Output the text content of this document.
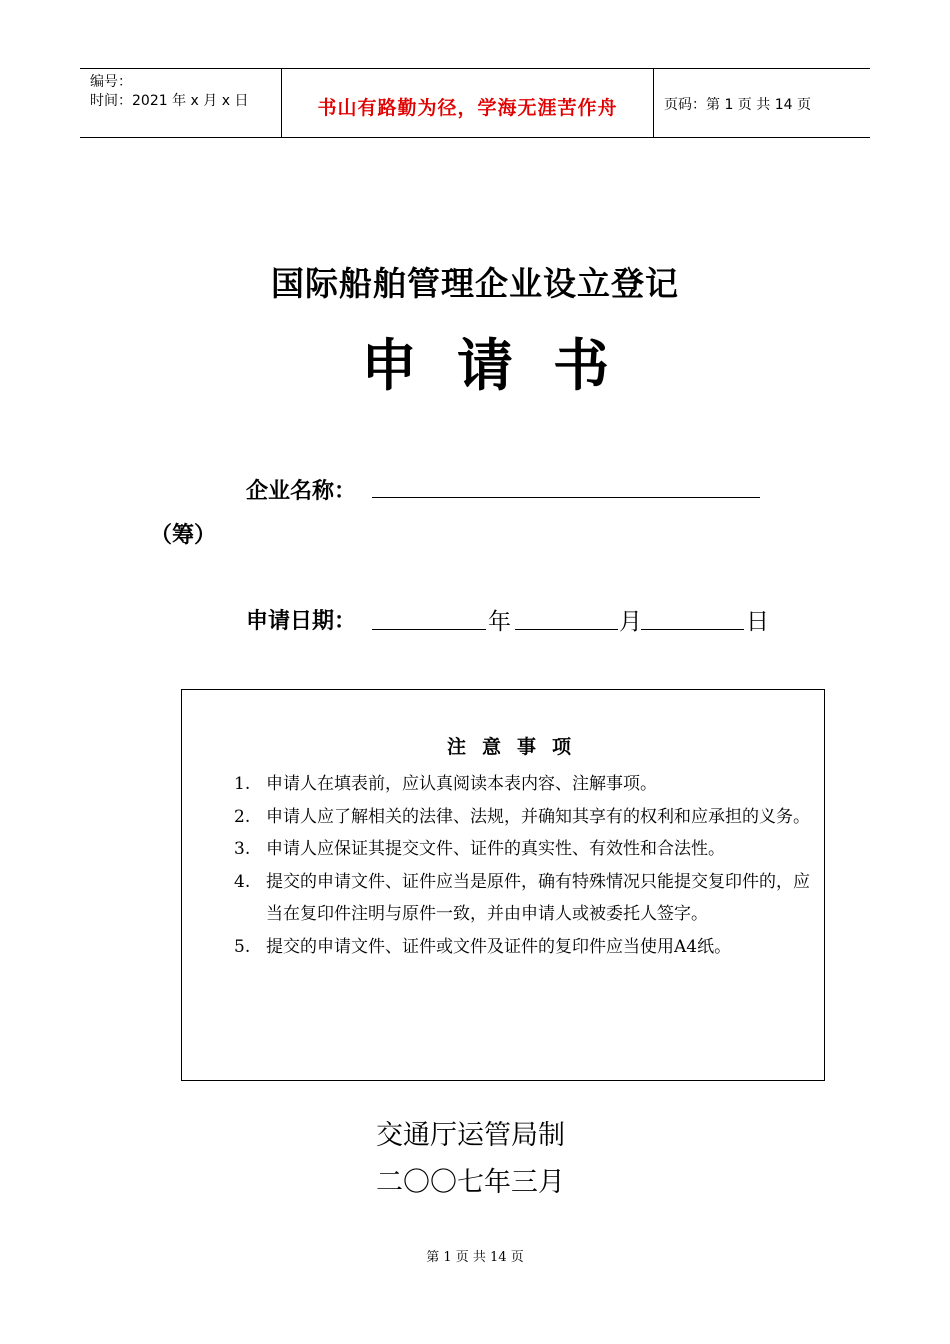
编号：
时间：2021 年 x 月 x 日	书山有路勤为径，学海无涯苦作舟	页码：第 1 页 共 14 页
国际船舶管理企业设立登记
申请书
企业名称：
（筹）
申请日期：	年	月	日
注意事项
1. 申请人在填表前，应认真阅读本表内容、注解事项。
2. 申请人应了解相关的法律、法规，并确知其享有的权利和应承担的义务。
3. 申请人应保证其提交文件、证件的真实性、有效性和合法性。
4. 提交的申请文件、证件应当是原件，确有特殊情况只能提交复印件的，应当在复印件注明与原件一致，并由申请人或被委托人签字。
5. 提交的申请文件、证件或文件及证件的复印件应当使用A4纸。
交通厅运管局制
二〇〇七年三月
第 1 页 共 14 页
